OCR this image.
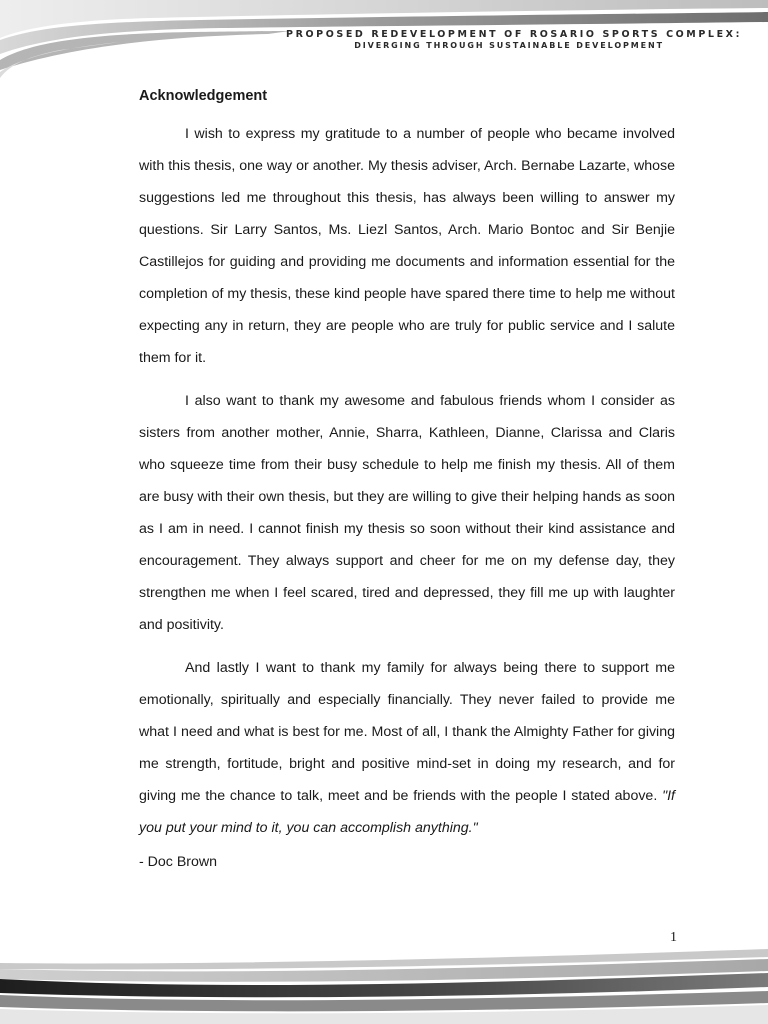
PROPOSED REDEVELOPMENT OF ROSARIO SPORTS COMPLEX:
DIVERGING THROUGH SUSTAINABLE DEVELOPMENT
Acknowledgement

I wish to express my gratitude to a number of people who became involved with this thesis, one way or another. My thesis adviser, Arch. Bernabe Lazarte, whose suggestions led me throughout this thesis, has always been willing to answer my questions. Sir Larry Santos, Ms. Liezl Santos, Arch. Mario Bontoc and Sir Benjie Castillejos for guiding and providing me documents and information essential for the completion of my thesis, these kind people have spared there time to help me without expecting any in return, they are people who are truly for public service and I salute them for it.

I also want to thank my awesome and fabulous friends whom I consider as sisters from another mother, Annie, Sharra, Kathleen, Dianne, Clarissa and Claris who squeeze time from their busy schedule to help me finish my thesis. All of them are busy with their own thesis, but they are willing to give their helping hands as soon as I am in need. I cannot finish my thesis so soon without their kind assistance and encouragement. They always support and cheer for me on my defense day, they strengthen me when I feel scared, tired and depressed, they fill me up with laughter and positivity.

And lastly I want to thank my family for always being there to support me emotionally, spiritually and especially financially. They never failed to provide me what I need and what is best for me. Most of all, I thank the Almighty Father for giving me strength, fortitude, bright and positive mind-set in doing my research, and for giving me the chance to talk, meet and be friends with the people I stated above. "If you put your mind to it, you can accomplish anything."

- Doc Brown

1
